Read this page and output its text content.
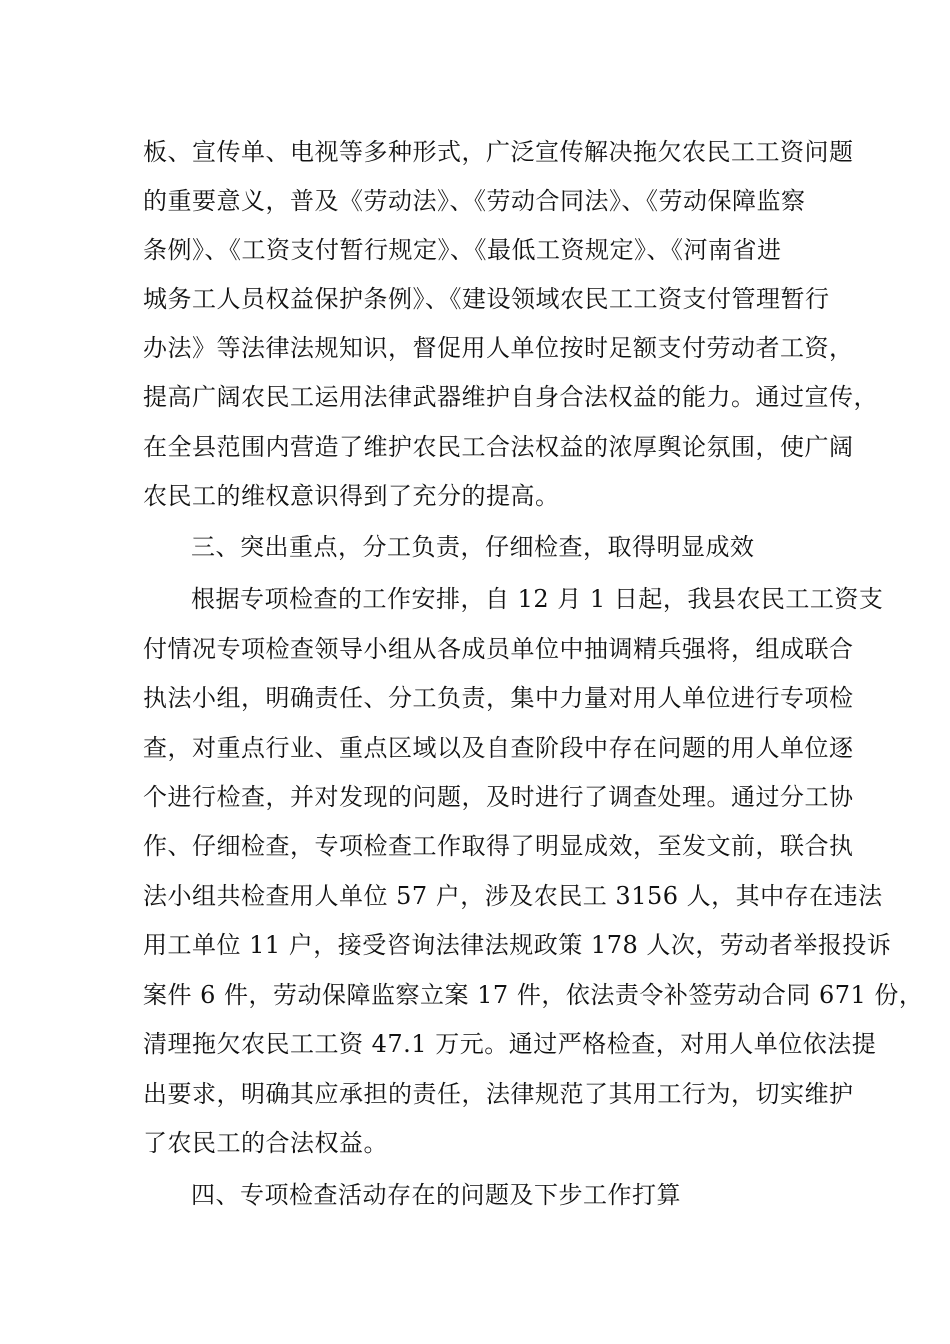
板、宣传单、电视等多种形式，广泛宣传解决拖欠农民工工资问题
的重要意义，普及《劳动法》、《劳动合同法》、《劳动保障监察
条例》、《工资支付暂行规定》、《最低工资规定》、《河南省进
城务工人员权益保护条例》、《建设领域农民工工资支付管理暂行
办法》等法律法规知识，督促用人单位按时足额支付劳动者工资，
提高广阔农民工运用法律武器维护自身合法权益的能力。通过宣传，
在全县范围内营造了维护农民工合法权益的浓厚舆论氛围，使广阔
农民工的维权意识得到了充分的提高。
三、突出重点，分工负责，仔细检查，取得明显成效
根据专项检查的工作安排，自 12 月 1 日起，我县农民工工资支
付情况专项检查领导小组从各成员单位中抽调精兵强将，组成联合
执法小组，明确责任、分工负责，集中力量对用人单位进行专项检
查，对重点行业、重点区域以及自查阶段中存在问题的用人单位逐
个进行检查，并对发现的问题，及时进行了调查处理。通过分工协
作、仔细检查，专项检查工作取得了明显成效，至发文前，联合执
法小组共检查用人单位 57 户，涉及农民工 3156 人，其中存在违法
用工单位 11 户，接受咨询法律法规政策 178 人次，劳动者举报投诉
案件 6 件，劳动保障监察立案 17 件，依法责令补签劳动合同 671 份，
清理拖欠农民工工资 47.1 万元。通过严格检查，对用人单位依法提
出要求，明确其应承担的责任，法律规范了其用工行为，切实维护
了农民工的合法权益。
四、专项检查活动存在的问题及下步工作打算
